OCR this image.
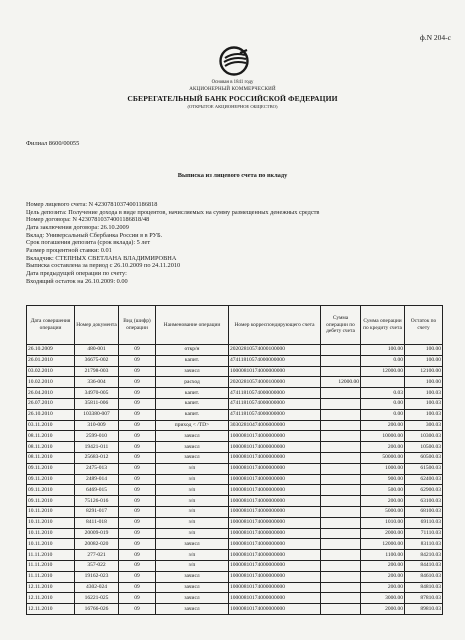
ф.N 204-с
Основан в 1841 году
АКЦИОНЕРНЫЙ КОММЕРЧЕСКИЙ
СБЕРЕГАТЕЛЬНЫЙ БАНК РОССИЙСКОЙ ФЕДЕРАЦИИ
(ОТКРЫТОЕ АКЦИОНЕРНОЕ ОБЩЕСТВО)
Филиал 8600/00055
Выписка из лицевого счета по вкладу
Номер лицевого счета: N 42307810374001186818
Цель депозита: Получение дохода в виде процентов, начисляемых на сумму размещенных денежных средств
Номер договора: N 42307810374001186818/48
Дата заключения договора: 26.10.2009
Вклад: Универсальный Сбербанка России в в РУБ.
Срок погашения депозита (срок вклада): 5 лет
Размер процентной ставки: 0.01
Вкладчик: СТЕПНЫХ СВЕТЛАНА ВЛАДИМИРОВНА
Выписка составлена за период с 26.10.2009 по 24.11.2010
Дата предыдущей операции по счету:
Входящий остаток на 26.10.2009: 0.00
Дата совершения операции	Номер документа	Вид (шифр) операции	Наименование операции	Номер корреспондирующего счета	Сумма операции по дебету счета	Сумма операции по кредиту счета	Остаток по счету
26.10.2009	480-001	09	откр/н	20202810574000100000		100.00	100.00
26.01.2010	36675-002	09	капит.	47411810574000000000		0.00	100.00
03.02.2010	21798-003	09	зачисл	10000810174000000000		12000.00	12100.00
10.02.2010	336-004	09	расход	20202810574000100000	12000.00		100.00
26.04.2010	34970-005	09	капит.	47411810574000000000		0.03	100.03
26.07.2010	35811-006	09	капит.	47411810574000000000		0.00	100.03
26.10.2010	103380-007	09	капит.	47411810574000000000		0.00	100.03
03.11.2010	310-009	09	приход < /TD>	30302810474006000000		200.00	300.03
08.11.2010	2599-010	09	зачисл	10000810174000000000		10000.00	10300.03
08.11.2010	19421-011	09	зачисл	10000810174000000000		200.00	10500.03
08.11.2010	25683-012	09	зачисл	10000810174000000000		50000.00	60500.03
09.11.2010	2475-013	09	з/п	10000810174000000000		1000.00	61500.03
09.11.2010	2489-014	09	з/п	10000810174000000000		900.00	62400.03
09.11.2010	6469-015	09	з/п	10000810174000000000		500.00	62900.03
09.11.2010	75126-016	09	з/п	10000810174000000000		200.00	63100.03
10.11.2010	8291-017	09	з/п	10000810174000000000		5000.00	68100.03
10.11.2010	8411-018	09	з/п	10000810174000000000		1010.00	69110.03
10.11.2010	20009-019	09	з/п	10000810174000000000		2000.00	71110.03
10.11.2010	20082-020	09	зачисл	10000810174000000000		12000.00	83110.03
11.11.2010	277-021	09	з/п	10000810174000000000		1100.00	84210.03
11.11.2010	357-022	09	з/п	10000810174000000000		200.00	84410.03
11.11.2010	19162-023	09	зачисл	10000810174000000000		200.00	84610.03
12.11.2010	4302-024	09	зачисл	10000810174000000000		200.00	84810.03
12.11.2010	16221-025	09	зачисл	10000810174000000000		3000.00	87810.03
12.11.2010	16766-026	09	зачисл	10000810174000000000		2000.00	89810.03
